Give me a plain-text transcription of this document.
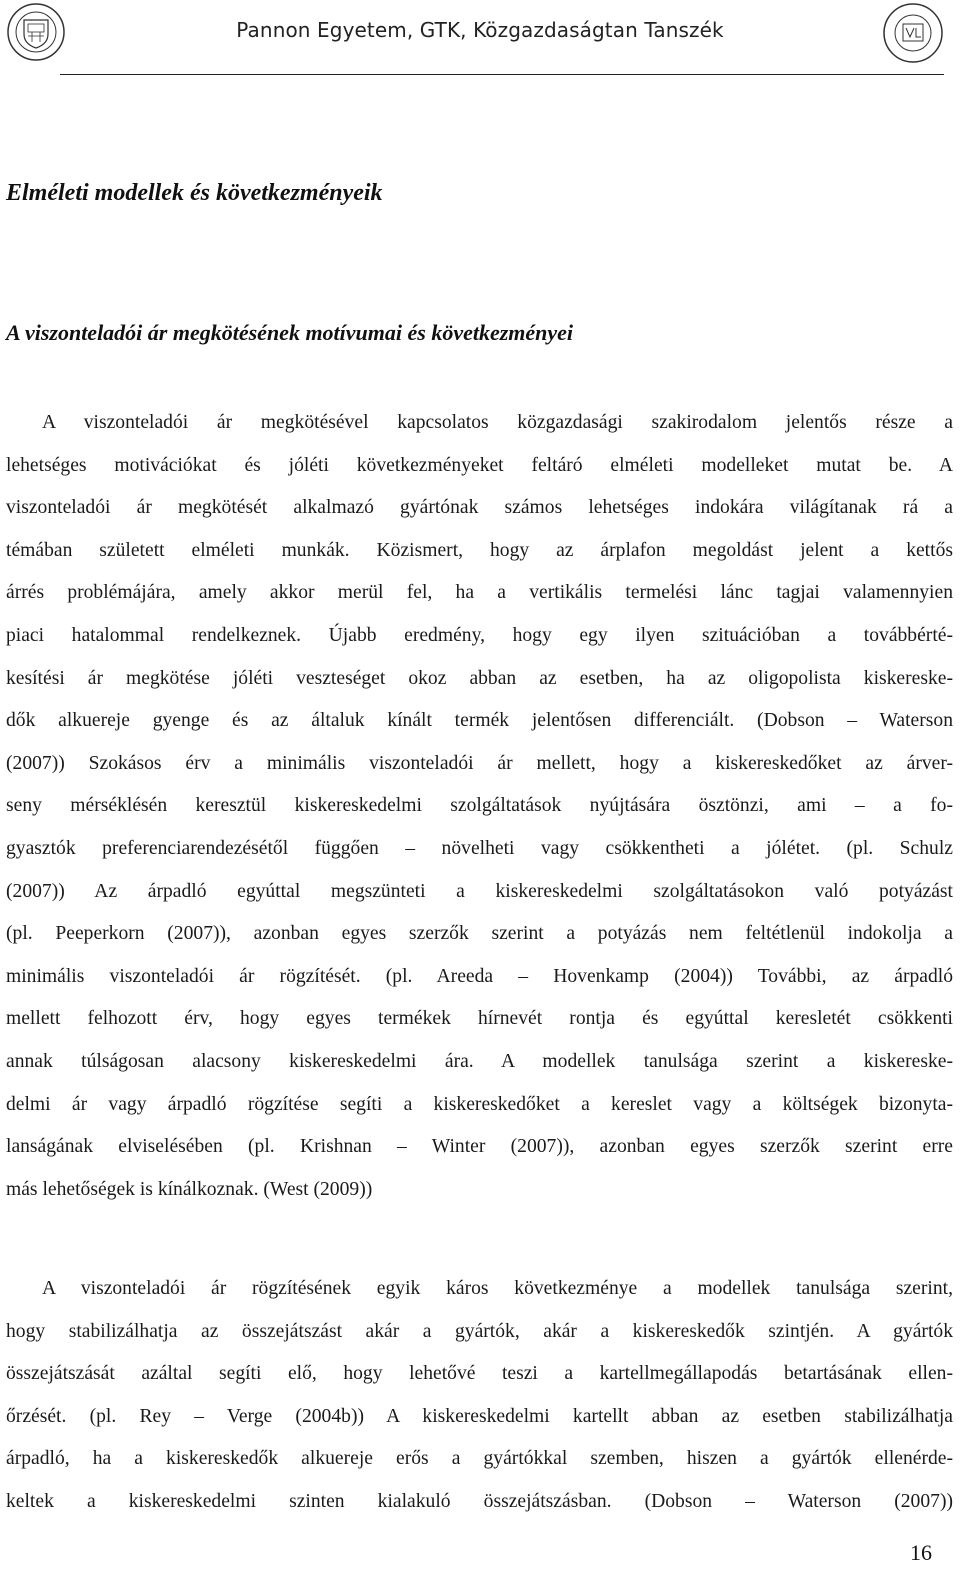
Pannon Egyetem, GTK, Közgazdaságtan Tanszék
Elméleti modellek és következményeik
A viszonteladói ár megkötésének motívumai és következményei
A viszonteladói ár megkötésével kapcsolatos közgazdasági szakirodalom jelentős része a
lehetséges motivációkat és jóléti következményeket feltáró elméleti modelleket mutat be. A
viszonteladói ár megkötését alkalmazó gyártónak számos lehetséges indokára világítanak rá a
témában született elméleti munkák. Közismert, hogy az árplafon megoldást jelent a kettős
árrés problémájára, amely akkor merül fel, ha a vertikális termelési lánc tagjai valamennyien
piaci hatalommal rendelkeznek. Újabb eredmény, hogy egy ilyen szituációban a továbbérté-
kesítési ár megkötése jóléti veszteséget okoz abban az esetben, ha az oligopolista kiskereske-
dők alkuereje gyenge és az általuk kínált termék jelentősen differenciált. (Dobson – Waterson
(2007)) Szokásos érv a minimális viszonteladói ár mellett, hogy a kiskereskedőket az árver-
seny mérséklésén keresztül kiskereskedelmi szolgáltatások nyújtására ösztönzi, ami – a fo-
gyasztók preferenciarendezésétől függően – növelheti vagy csökkentheti a jólétet. (pl. Schulz
(2007)) Az árpadló egyúttal megszünteti a kiskereskedelmi szolgáltatásokon való potyázást
(pl. Peeperkorn (2007)), azonban egyes szerzők szerint a potyázás nem feltétlenül indokolja a
minimális viszonteladói ár rögzítését. (pl. Areeda – Hovenkamp (2004)) További, az árpadló
mellett felhozott érv, hogy egyes termékek hírnevét rontja és egyúttal keresletét csökkenti
annak túlságosan alacsony kiskereskedelmi ára. A modellek tanulsága szerint a kiskereske-
delmi ár vagy árpadló rögzítése segíti a kiskereskedőket a kereslet vagy a költségek bizonyta-
lanságának elviselésében (pl. Krishnan – Winter (2007)), azonban egyes szerzők szerint erre
más lehetőségek is kínálkoznak. (West (2009))
A viszonteladói ár rögzítésének egyik káros következménye a modellek tanulsága szerint,
hogy stabilizálhatja az összejátszást akár a gyártók, akár a kiskereskedők szintjén. A gyártók
összejátszását azáltal segíti elő, hogy lehetővé teszi a kartellmegállapodás betartásának ellen-
őrzését. (pl. Rey – Verge (2004b)) A kiskereskedelmi kartellt abban az esetben stabilizálhatja
árpadló, ha a kiskereskedők alkuereje erős a gyártókkal szemben, hiszen a gyártók ellenérde-
keltek a kiskereskedelmi szinten kialakuló összejátszásban. (Dobson – Waterson (2007))
16
